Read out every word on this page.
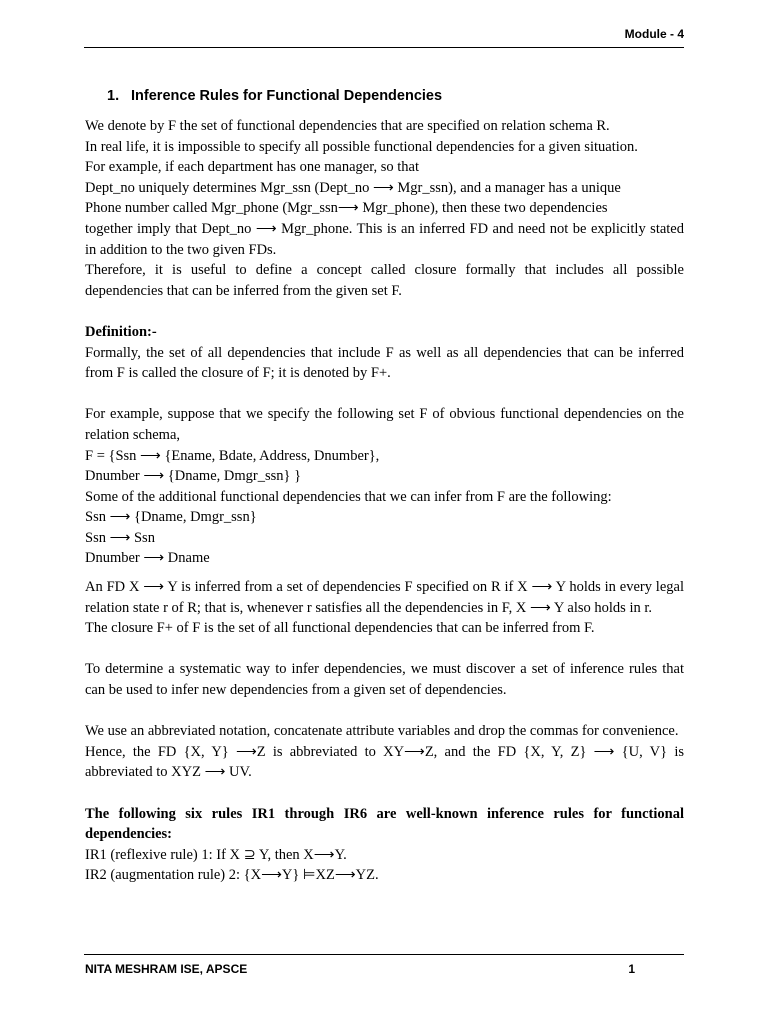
Module - 4
1. Inference Rules for Functional Dependencies
We denote by F the set of functional dependencies that are specified on relation schema R.
In real life, it is impossible to specify all possible functional dependencies for a given situation.
For example, if each department has one manager, so that
Dept_no uniquely determines Mgr_ssn (Dept_no ⟶ Mgr_ssn), and a manager has a unique
Phone number called Mgr_phone (Mgr_ssn⟶ Mgr_phone), then these two dependencies

together imply that Dept_no ⟶ Mgr_phone. This is an inferred FD and need not be explicitly stated in addition to the two given FDs.

Therefore, it is useful to define a concept called closure formally that includes all possible dependencies that can be inferred from the given set F.

Definition:-

Formally, the set of all dependencies that include F as well as all dependencies that can be inferred from F is called the closure of F; it is denoted by F+.

For example, suppose that we specify the following set F of obvious functional dependencies on the relation schema,

F = {Ssn ⟶ {Ename, Bdate, Address, Dnumber},
Dnumber ⟶ {Dname, Dmgr_ssn} }
Some of the additional functional dependencies that we can infer from F are the following:
Ssn ⟶ {Dname, Dmgr_ssn}
Ssn ⟶ Ssn
Dnumber ⟶ Dname

An FD X ⟶ Y is inferred from a set of dependencies F specified on R if X ⟶ Y holds in every legal relation state r of R; that is, whenever r satisfies all the dependencies in F, X ⟶ Y also holds in r.

The closure F+ of F is the set of all functional dependencies that can be inferred from F.

To determine a systematic way to infer dependencies, we must discover a set of inference rules that can be used to infer new dependencies from a given set of dependencies.

We use an abbreviated notation, concatenate attribute variables and drop the commas for convenience.

Hence, the FD {X, Y} ⟶Z is abbreviated to XY⟶Z, and the FD {X, Y, Z} ⟶ {U, V} is abbreviated to XYZ ⟶ UV.

The following six rules IR1 through IR6 are well-known inference rules for functional dependencies:

IR1 (reflexive rule) 1: If X ⊇ Y, then X⟶Y.
IR2 (augmentation rule) 2: {X⟶Y} ⊨XZ⟶YZ.
NITA MESHRAM ISE, APSCE	1
